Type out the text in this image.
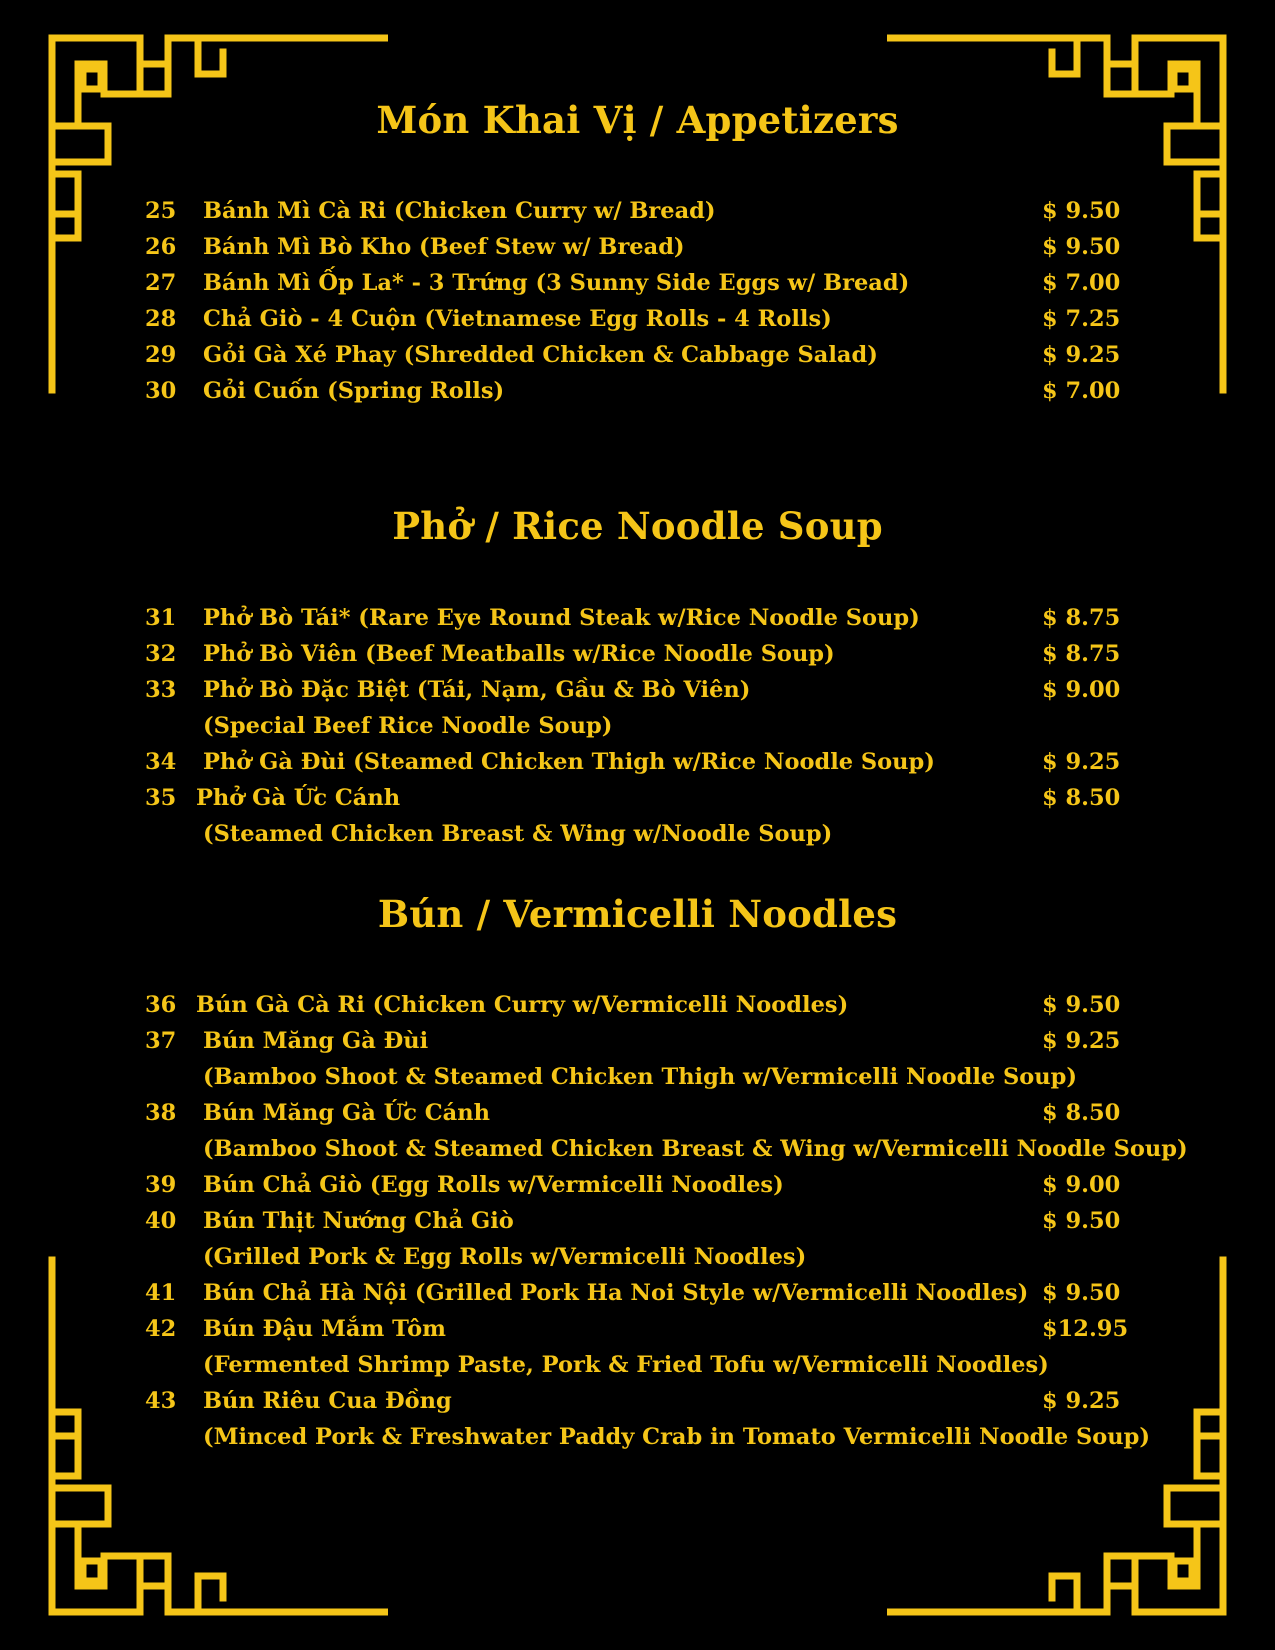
Món Khai Vị / Appetizers
25	Bánh Mì Cà Ri (Chicken Curry w/ Bread)	$ 9.50
26	Bánh Mì Bò Kho (Beef Stew w/ Bread)	$ 9.50
27	Bánh Mì Ốp La* - 3 Trứng (3 Sunny Side Eggs w/ Bread)	$ 7.00
28	Chả Giò - 4 Cuộn (Vietnamese Egg Rolls - 4 Rolls)	$ 7.25
29	Gỏi Gà Xé Phay (Shredded Chicken & Cabbage Salad)	$ 9.25
30	Gỏi Cuốn (Spring Rolls)	$ 7.00
Phở / Rice Noodle Soup
31	Phở Bò Tái* (Rare Eye Round Steak w/Rice Noodle Soup)	$ 8.75
32	Phở Bò Viên (Beef Meatballs w/Rice Noodle Soup)	$ 8.75
33	Phở Bò Đặc Biệt (Tái, Nạm, Gầu & Bò Viên)	$ 9.00
(Special Beef Rice Noodle Soup)
34	Phở Gà Đùi (Steamed Chicken Thigh w/Rice Noodle Soup)	$ 9.25
35 Phở Gà Ức Cánh	$ 8.50
(Steamed Chicken Breast & Wing w/Noodle Soup)
Bún / Vermicelli Noodles
36 Bún Gà Cà Ri (Chicken Curry w/Vermicelli Noodles)	$ 9.50
37	Bún Măng Gà Đùi	$ 9.25
(Bamboo Shoot & Steamed Chicken Thigh w/Vermicelli Noodle Soup)
38	Bún Măng Gà Ức Cánh	$ 8.50
(Bamboo Shoot & Steamed Chicken Breast & Wing w/Vermicelli Noodle Soup)
39	Bún Chả Giò (Egg Rolls w/Vermicelli Noodles)	$ 9.00
40	Bún Thịt Nướng Chả Giò	$ 9.50
(Grilled Pork & Egg Rolls w/Vermicelli Noodles)
41	Bún Chả Hà Nội (Grilled Pork Ha Noi Style w/Vermicelli Noodles) $ 9.50
42	Bún Đậu Mắm Tôm	$12.95
(Fermented Shrimp Paste, Pork & Fried Tofu w/Vermicelli Noodles)
43	Bún Riêu Cua Đồng	$ 9.25
(Minced Pork & Freshwater Paddy Crab in Tomato Vermicelli Noodle Soup)
